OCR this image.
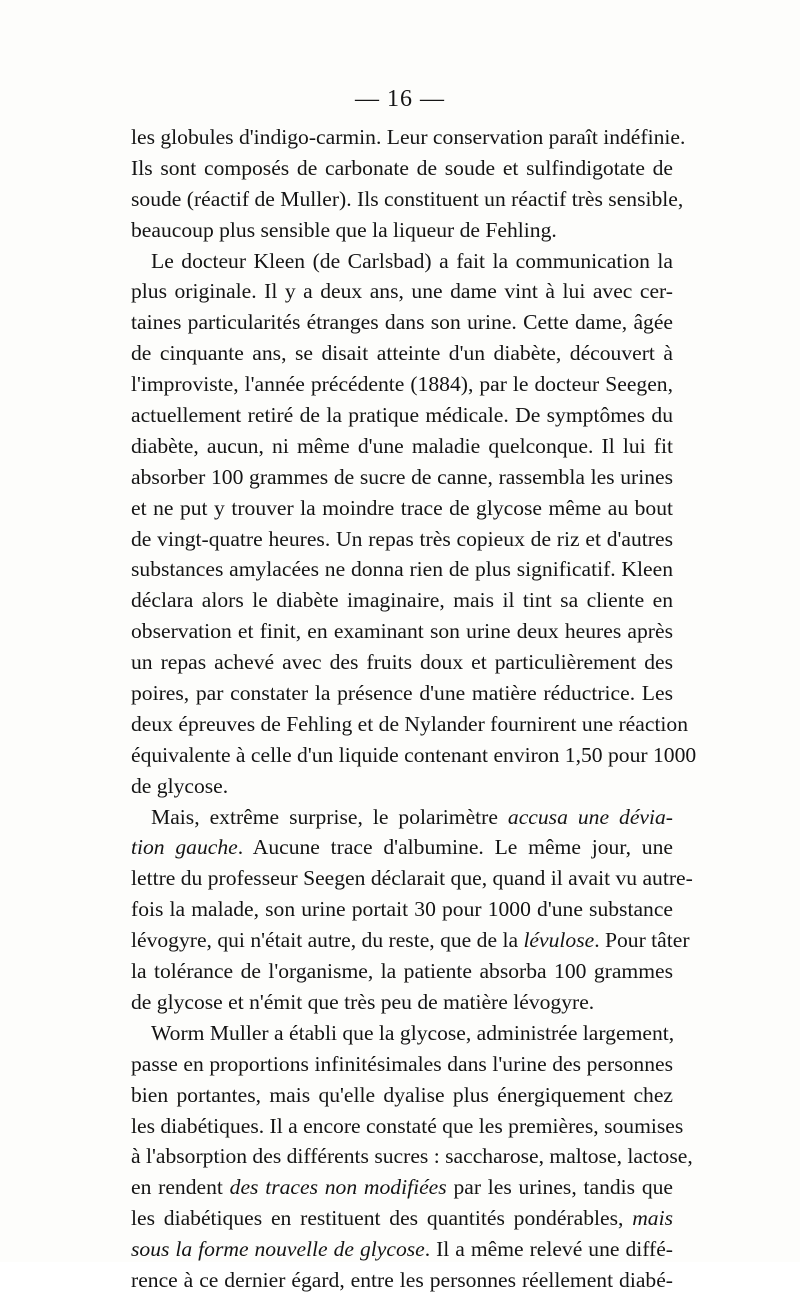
— 16 —
les globules d'indigo-carmin. Leur conservation paraît indéfinie.
Ils sont composés de carbonate de soude et sulfindigotate de
soude (réactif de Muller). Ils constituent un réactif très sensible,
beaucoup plus sensible que la liqueur de Fehling.
Le docteur Kleen (de Carlsbad) a fait la communication la
plus originale. Il y a deux ans, une dame vint à lui avec cer-
taines particularités étranges dans son urine. Cette dame, âgée
de cinquante ans, se disait atteinte d'un diabète, découvert à
l'improviste, l'année précédente (1884), par le docteur Seegen,
actuellement retiré de la pratique médicale. De symptômes du
diabète, aucun, ni même d'une maladie quelconque. Il lui fit
absorber 100 grammes de sucre de canne, rassembla les urines
et ne put y trouver la moindre trace de glycose même au bout
de vingt-quatre heures. Un repas très copieux de riz et d'autres
substances amylacées ne donna rien de plus significatif. Kleen
déclara alors le diabète imaginaire, mais il tint sa cliente en
observation et finit, en examinant son urine deux heures après
un repas achevé avec des fruits doux et particulièrement des
poires, par constater la présence d'une matière réductrice. Les
deux épreuves de Fehling et de Nylander fournirent une réaction
équivalente à celle d'un liquide contenant environ 1,50 pour 1000
de glycose.
Mais, extrême surprise, le polarimètre accusa une dévia-
tion gauche. Aucune trace d'albumine. Le même jour, une
lettre du professeur Seegen déclarait que, quand il avait vu autre-
fois la malade, son urine portait 30 pour 1000 d'une substance
lévogyre, qui n'était autre, du reste, que de la lévulose. Pour tâter
la tolérance de l'organisme, la patiente absorba 100 grammes
de glycose et n'émit que très peu de matière lévogyre.
Worm Muller a établi que la glycose, administrée largement,
passe en proportions infinitésimales dans l'urine des personnes
bien portantes, mais qu'elle dyalise plus énergiquement chez
les diabétiques. Il a encore constaté que les premières, soumises
à l'absorption des différents sucres : saccharose, maltose, lactose,
en rendent des traces non modifiées par les urines, tandis que
les diabétiques en restituent des quantités pondérables, mais
sous la forme nouvelle de glycose. Il a même relevé une diffé-
rence à ce dernier égard, entre les personnes réellement diabé-
